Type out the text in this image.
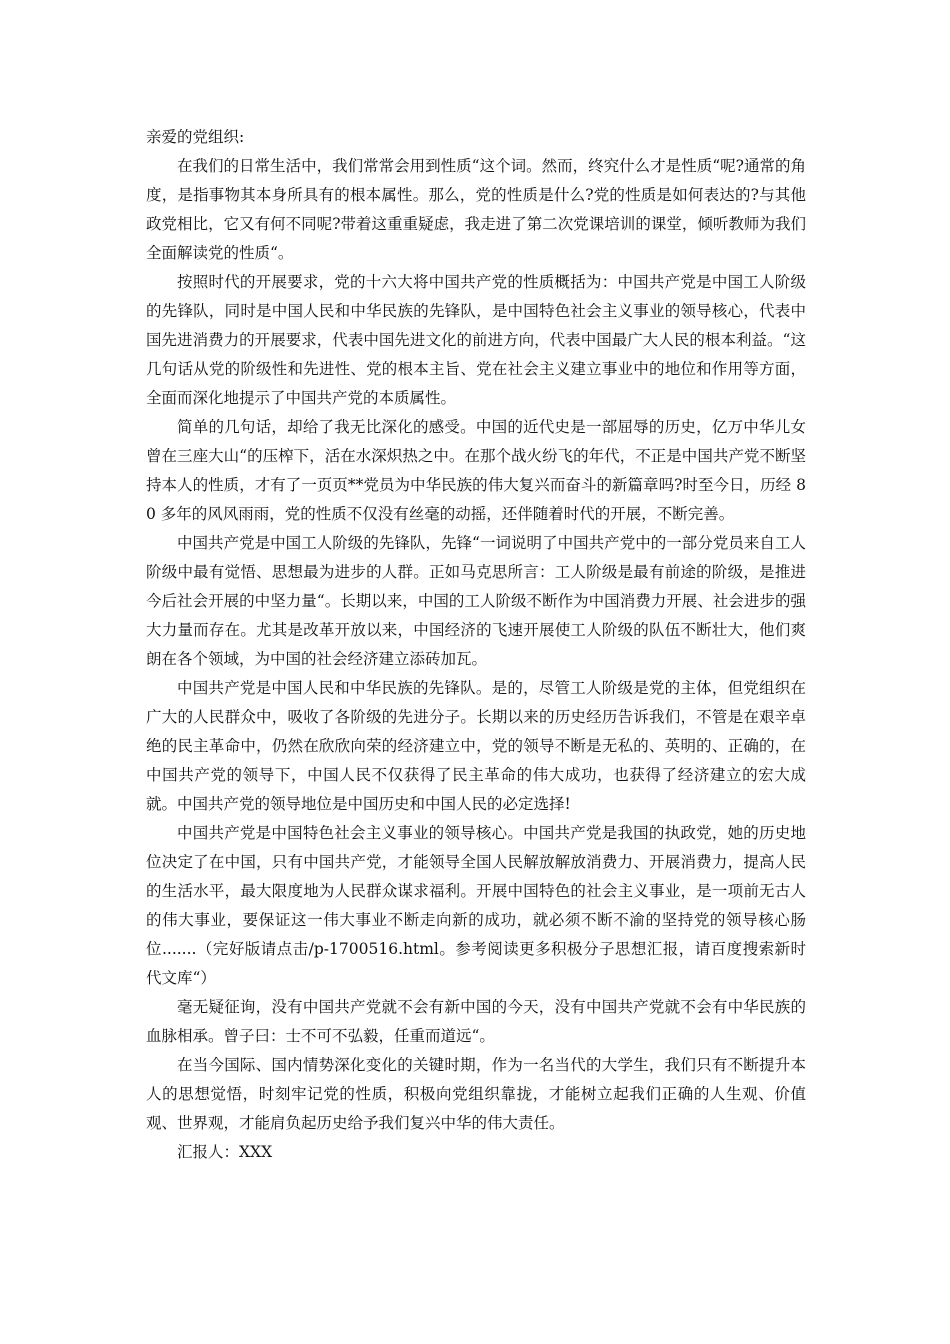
亲爱的党组织:

在我们的日常生活中，我们常常会用到性质“这个词。然而，终究什么才是性质“呢?通常的角度，是指事物其本身所具有的根本属性。那么，党的性质是什么?党的性质是如何表达的?与其他政党相比，它又有何不同呢?带着这重重疑虑，我走进了第二次党课培训的课堂，倾听教师为我们全面解读党的性质“。

按照时代的开展要求，党的十六大将中国共产党的性质概括为：中国共产党是中国工人阶级的先锋队，同时是中国人民和中华民族的先锋队，是中国特色社会主义事业的领导核心，代表中国先进消费力的开展要求，代表中国先进文化的前进方向，代表中国最广大人民的根本利益。“这几句话从党的阶级性和先进性、党的根本主旨、党在社会主义建立事业中的地位和作用等方面，全面而深化地提示了中国共产党的本质属性。

简单的几句话，却给了我无比深化的感受。中国的近代史是一部屈辱的历史，亿万中华儿女曾在三座大山“的压榨下，活在水深炽热之中。在那个战火纷飞的年代，不正是中国共产党不断坚持本人的性质，才有了一页页**党员为中华民族的伟大复兴而奋斗的新篇章吗?时至今日，历经 80 多年的风风雨雨，党的性质不仅没有丝毫的动摇，还伴随着时代的开展，不断完善。

中国共产党是中国工人阶级的先锋队，先锋“一词说明了中国共产党中的一部分党员来自工人阶级中最有觉悟、思想最为进步的人群。正如马克思所言：工人阶级是最有前途的阶级，是推进今后社会开展的中坚力量“。长期以来，中国的工人阶级不断作为中国消费力开展、社会进步的强大力量而存在。尤其是改革开放以来，中国经济的飞速开展使工人阶级的队伍不断壮大，他们爽朗在各个领域，为中国的社会经济建立添砖加瓦。

中国共产党是中国人民和中华民族的先锋队。是的，尽管工人阶级是党的主体，但党组织在广大的人民群众中，吸收了各阶级的先进分子。长期以来的历史经历告诉我们，不管是在艰辛卓绝的民主革命中，仍然在欣欣向荣的经济建立中，党的领导不断是无私的、英明的、正确的，在中国共产党的领导下，中国人民不仅获得了民主革命的伟大成功，也获得了经济建立的宏大成就。中国共产党的领导地位是中国历史和中国人民的必定选择!

中国共产党是中国特色社会主义事业的领导核心。中国共产党是我国的执政党，她的历史地位决定了在中国，只有中国共产党，才能领导全国人民解放解放消费力、开展消费力，提高人民的生活水平，最大限度地为人民群众谋求福利。开展中国特色的社会主义事业，是一项前无古人的伟大事业，要保证这一伟大事业不断走向新的成功，就必须不断不渝的坚持党的领导核心肠位.......（完好版请点击/p-1700516.html。参考阅读更多积极分子思想汇报，请百度搜索新时代文库“）

毫无疑征询，没有中国共产党就不会有新中国的今天，没有中国共产党就不会有中华民族的血脉相承。曾子曰：士不可不弘毅，任重而道远“。

在当今国际、国内情势深化变化的关键时期，作为一名当代的大学生，我们只有不断提升本人的思想觉悟，时刻牢记党的性质，积极向党组织靠拢，才能树立起我们正确的人生观、价值观、世界观，才能肩负起历史给予我们复兴中华的伟大责任。

汇报人：XXX
